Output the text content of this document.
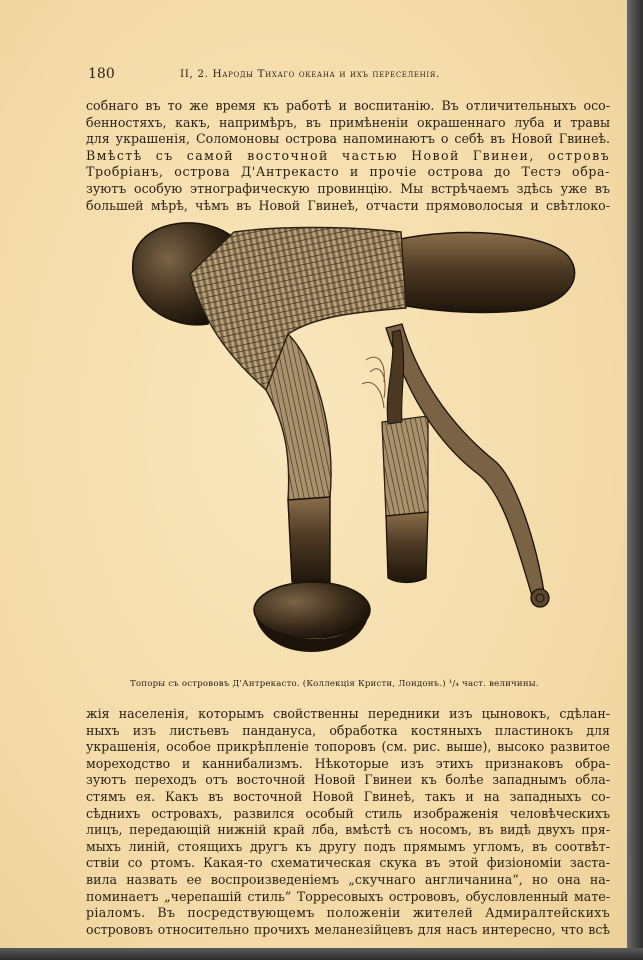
180	II, 2. Народы Тихаго океана и ихъ переселенія.
собнаго въ то же время къ работѣ и воспитанію. Въ отличительныхъ осо-
бенностяхъ, какъ, напримѣръ, въ примѣненіи окрашеннаго луба и травы
для украшенія, Соломоновы острова напоминаютъ о себѣ въ Новой Гвинеѣ.
Вмѣстѣ съ самой восточной частью Новой Гвинеи, островъ
Тробріанъ, острова Д'Антрекасто и прочіе острова до Тестэ обра-
зуютъ особую этнографическую провинцію. Мы встрѣчаемъ здѣсь уже въ
большей мѣрѣ, чѣмъ въ Новой Гвинеѣ, отчасти прямоволосыя и свѣтлоко-
Топоры съ острововъ Д'Антрекасто. (Коллекція Кристи, Лондонъ.) ¹/₄ част. величины.
жія населенія, которымъ свойственны передники изъ цыновокъ, сдѣлан-
ныхъ изъ листьевъ пандануса, обработка костяныхъ пластинокъ для
украшенія, особое прикрѣпленіе топоровъ (см. рис. выше), высоко развитое
мореходство и каннибализмъ. Нѣкоторые изъ этихъ признаковъ обра-
зуютъ переходъ отъ восточной Новой Гвинеи къ болѣе западнымъ обла-
стямъ ея. Какъ въ восточной Новой Гвинеѣ, такъ и на западныхъ со-
сѣднихъ островахъ, развился особый стиль изображенія человѣческихъ
лицъ, передающій нижній край лба, вмѣстѣ съ носомъ, въ видѣ двухъ пря-
мыхъ линій, стоящихъ другъ къ другу подъ прямымъ угломъ, въ соотвѣт-
ствіи со ртомъ. Какая-то схематическая скука въ этой физіономіи заста-
вила назвать ее воспроизведеніемъ „скучнаго англичанина“, но она на-
поминаетъ „черепашій стиль“ Торресовыхъ острововъ, обусловленный мате-
ріаломъ. Въ посредствующемъ положеніи жителей Адмиралтейскихъ
острововъ относительно прочихъ меланезійцевъ для насъ интересно, что всѣ
